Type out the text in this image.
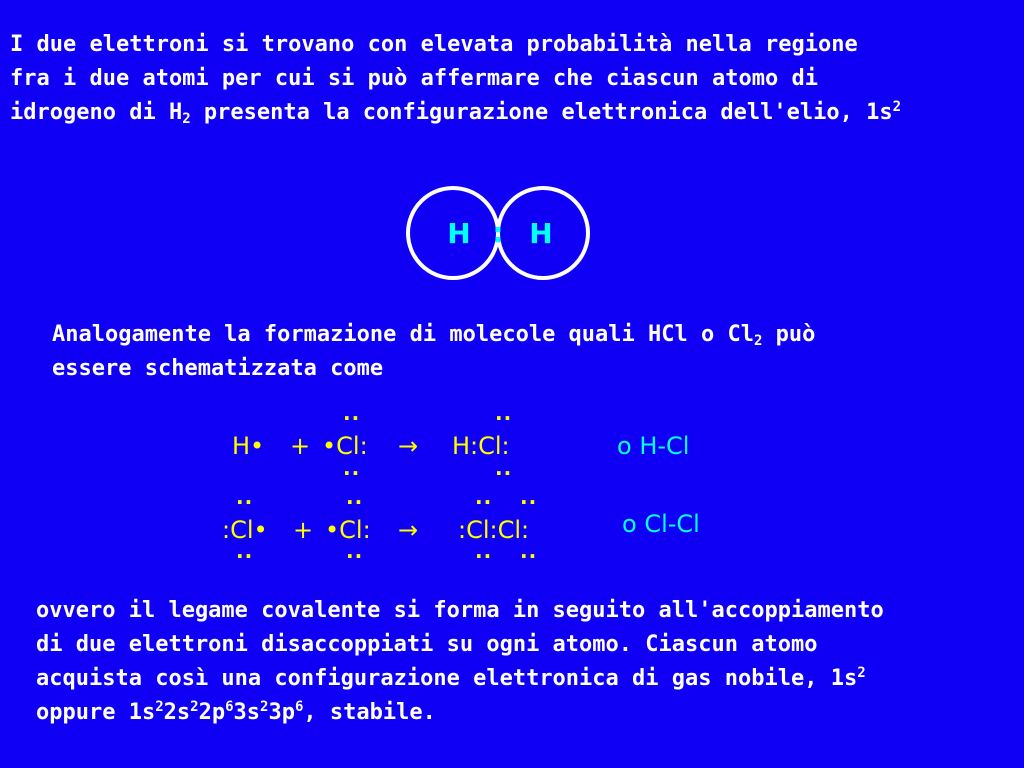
I due elettroni si trovano con elevata probabilità nella regione
fra i due atomi per cui si può affermare che ciascun atomo di
idrogeno di $H_2$ presenta la configurazione elettronica dell'elio, $1s^2$
H : H
Analogamente la formazione di molecole quali HCl o $Cl_2$ può
essere schematizzata come
..	..
H• + •Cl: → H:Cl:
..	..
o H-Cl
..	..	.. ..
:Cl• + •Cl: → :Cl:Cl:
..	..	.. ..
o Cl-Cl
ovvero il legame covalente si forma in seguito all'accoppiamento
di due elettroni disaccoppiati su ogni atomo. Ciascun atomo
acquista così una configurazione elettronica di gas nobile, $1s^2$
oppure $1s^22s^22p^63s^23p^6$, stabile.
